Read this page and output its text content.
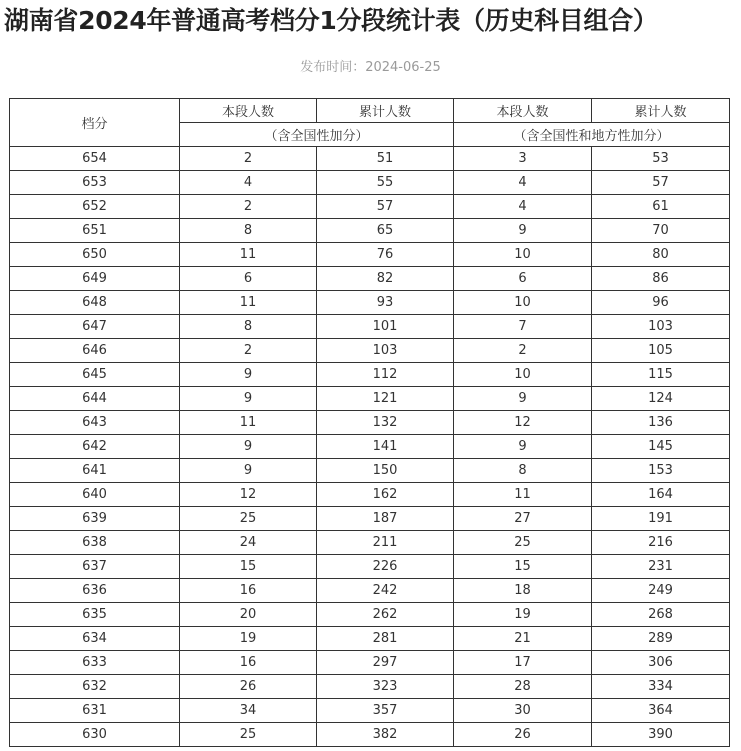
湖南省2024年普通高考档分1分段统计表（历史科目组合）
发布时间：2024-06-25
档分	本段人数	累计人数	本段人数	累计人数
	（含全国性加分）		（含全国性和地方性加分）	
654	2	51	3	53
653	4	55	4	57
652	2	57	4	61
651	8	65	9	70
650	11	76	10	80
649	6	82	6	86
648	11	93	10	96
647	8	101	7	103
646	2	103	2	105
645	9	112	10	115
644	9	121	9	124
643	11	132	12	136
642	9	141	9	145
641	9	150	8	153
640	12	162	11	164
639	25	187	27	191
638	24	211	25	216
637	15	226	15	231
636	16	242	18	249
635	20	262	19	268
634	19	281	21	289
633	16	297	17	306
632	26	323	28	334
631	34	357	30	364
630	25	382	26	390
